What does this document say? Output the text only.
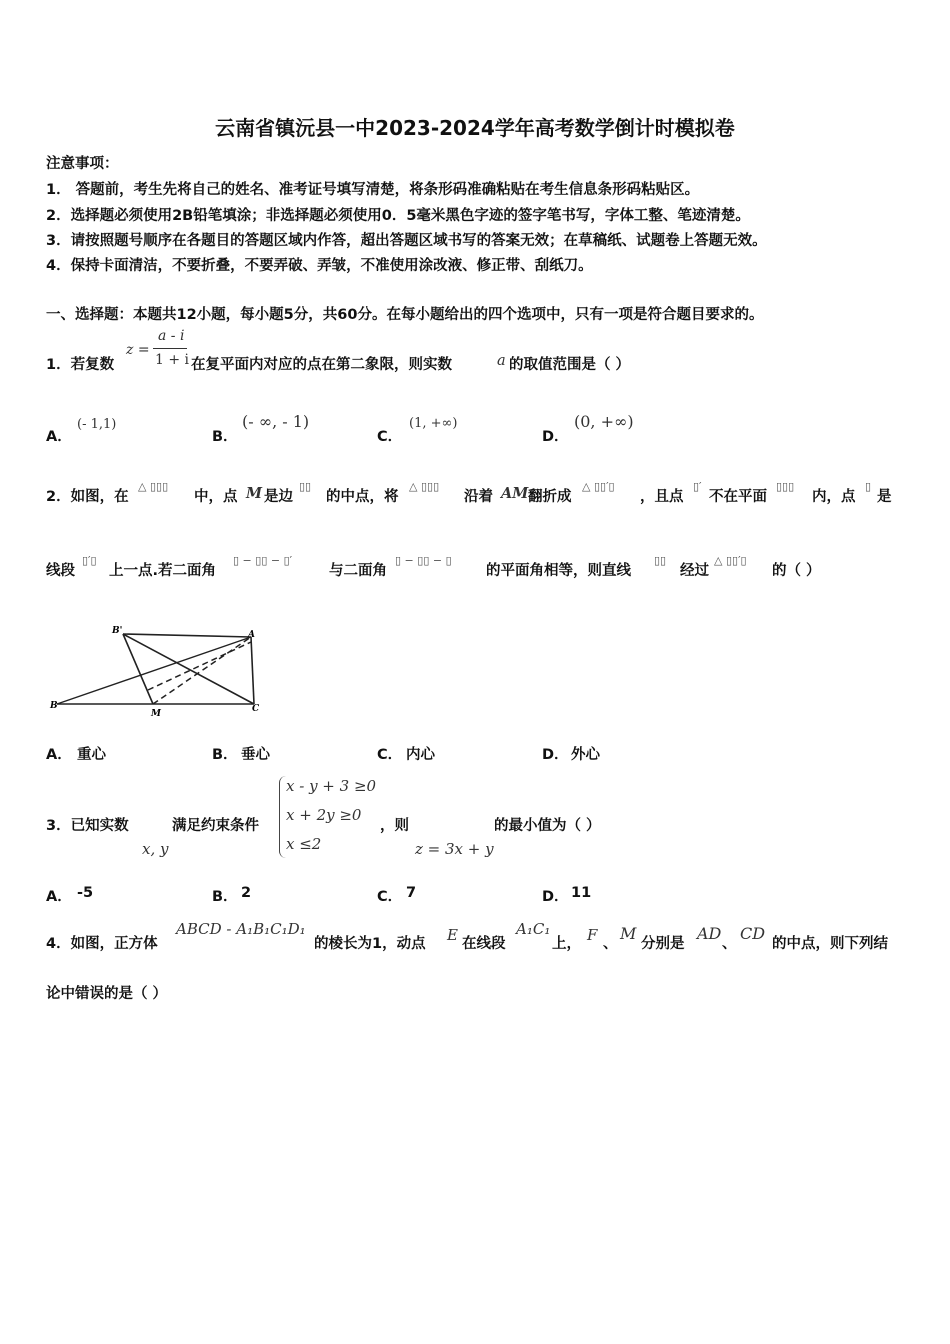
云南省镇沅县一中2023-2024学年高考数学倒计时模拟卷
注意事项：
1． 答题前，考生先将自己的姓名、准考证号填写清楚，将条形码准确粘贴在考生信息条形码粘贴区。
2．选择题必须使用2B铅笔填涂；非选择题必须使用0．5毫米黑色字迹的签字笔书写，字体工整、笔迹清楚。
3．请按照题号顺序在各题目的答题区域内作答，超出答题区域书写的答案无效；在草稿纸、试题卷上答题无效。
4．保持卡面清洁，不要折叠，不要弄破、弄皱，不准使用涂改液、修正带、刮纸刀。
一、选择题：本题共12小题，每小题5分，共60分。在每小题给出的四个选项中，只有一项是符合题目要求的。
1．若复数
z =
a - i
1 + i 在复平面内对应的点在第二象限，则实数	a 的取值范围是（ ）
A．
(- 1,1)
B．
(- ∞, - 1)
C．
(1, +∞)
D．
(0, +∞)
2．如图，在
△ ▯▯▯
中，点 M 是边
▯▯
的中点，将
△ ▯▯▯
沿着 AM 翻折成
△ ▯▯′▯
，且点
▯′
不在平面
▯▯▯
内，点
▯
是
线段
▯′▯
上一点.若二面角
▯ − ▯▯ − ▯′
与二面角
▯ − ▯▯ − ▯
的平面角相等，则直线
▯▯
经过
△ ▯▯′▯
的（ ）
B'	A
B
M	C
A． 重心	B． 垂心	C． 内心	D． 外心
3．已知实数
x, y
满足约束条件
x - y + 3 ≥0
x + 2y ≥0
x ≤2
，则
z = 3x + y
的最小值为（ ）
A． -5	B． 2	C． 7	D． 11
4．如图，正方体
ABCD - A₁B₁C₁D₁
的棱长为1，动点 E 在线段
A₁C₁
上， F 、
M
分别是
AD
、
CD
的中点，则下列结
论中错误的是（ ）
